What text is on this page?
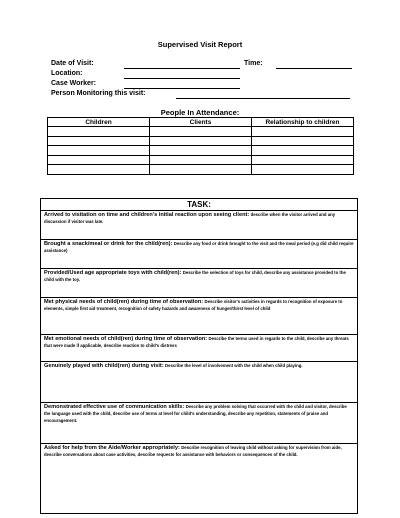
Supervised Visit Report
Date of Visit:	Time:
Location:
Case Worker:
Person Monitoring this visit:
People In Attendance:
Children	Clients	Relationship to children

TASK:
Arrived to visitation on time and children's initial reaction upon seeing client: describe when the visitor arrived and any discussion if visitor was late.
Brought a snack/meal or drink for the child(ren): Describe any food or drink brought to the visit and the meal period (e.g did child require assistance)
Provided/Used age appropriate toys with child(ren): Describe the selection of toys for child, describe any assistance provided to the child with the toy.
Met physical needs of child(ren) during time of observation: Describe visitor's activities in regards to recognition of exposure to elements, simple first aid treatment, recognition of safety hazards and awareness of hunger/thirst level of child
Met emotional needs of child(ren) during time of observation: Describe the terms used in regards to the child, describe any threats that were made if applicable, describe reaction to child's distress
Genuinely played with child(ren) during visit: Describe the level of involvement with the child when child playing.
Demonstrated effective use of communication skills: Describe any problem solving that occurred with the child and visitor, describe the language used with the child, describe use of terms at level for child's understanding, describe any repetition, statements of praise and encouragement.
Asked for help from the Aide/Worker appropriately: Describe recognition of leaving child without asking for supervision from aide, describe conversations about case activities, describe requests for assistance with behaviors or consequences of the child.
